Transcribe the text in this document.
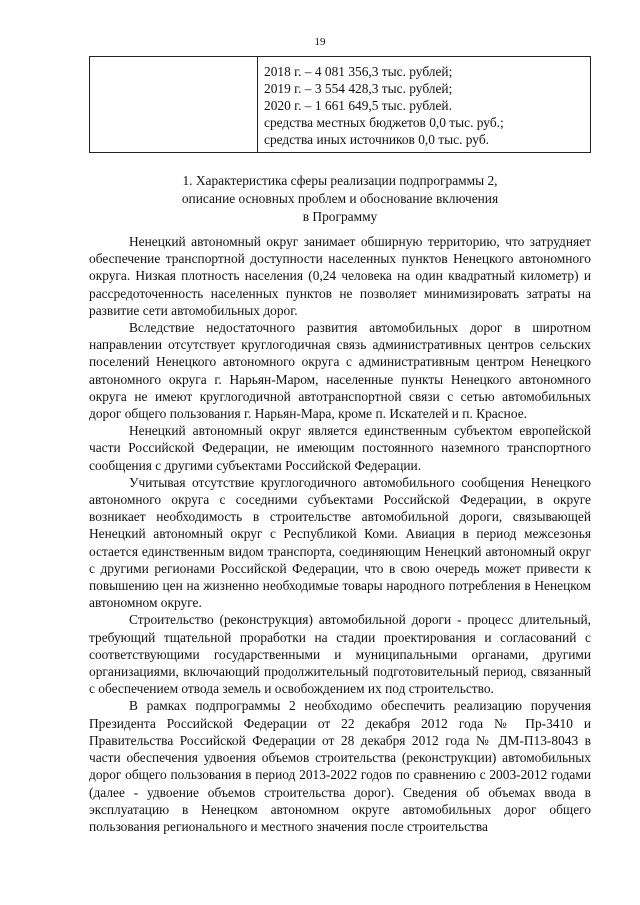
19

2018 г. – 4 081 356,3 тыс. рублей;
2019 г. – 3 554 428,3 тыс. рублей;
2020 г. – 1 661 649,5 тыс. рублей.
средства местных бюджетов 0,0 тыс. руб.;
средства иных источников 0,0 тыс. руб.
1. Характеристика сферы реализации подпрограммы 2,
описание основных проблем и обоснование включения
в Программу

Ненецкий автономный округ занимает обширную территорию, что затрудняет обеспечение транспортной доступности населенных пунктов Ненецкого автономного округа. Низкая плотность населения (0,24 человека на один квадратный километр) и рассредоточенность населенных пунктов не позволяет минимизировать затраты на развитие сети автомобильных дорог.

Вследствие недостаточного развития автомобильных дорог в широтном направлении отсутствует круглогодичная связь административных центров сельских поселений Ненецкого автономного округа с административным центром Ненецкого автономного округа г. Нарьян-Маром, населенные пункты Ненецкого автономного округа не имеют круглогодичной автотранспортной связи с сетью автомобильных дорог общего пользования г. Нарьян-Мара, кроме п. Искателей и п. Красное.

Ненецкий автономный округ является единственным субъектом европейской части Российской Федерации, не имеющим постоянного наземного транспортного сообщения с другими субъектами Российской Федерации.

Учитывая отсутствие круглогодичного автомобильного сообщения Ненецкого автономного округа с соседними субъектами Российской Федерации, в округе возникает необходимость в строительстве автомобильной дороги, связывающей Ненецкий автономный округ с Республикой Коми. Авиация в период межсезонья остается единственным видом транспорта, соединяющим Ненецкий автономный округ с другими регионами Российской Федерации, что в свою очередь может привести к повышению цен на жизненно необходимые товары народного потребления в Ненецком автономном округе.

Строительство (реконструкция) автомобильной дороги - процесс длительный, требующий тщательной проработки на стадии проектирования и согласований с соответствующими государственными и муниципальными органами, другими организациями, включающий продолжительный подготовительный период, связанный с обеспечением отвода земель и освобождением их под строительство.

В рамках подпрограммы 2 необходимо обеспечить реализацию поручения Президента Российской Федерации от 22 декабря 2012 года № Пр-3410 и Правительства Российской Федерации от 28 декабря 2012 года № ДМ-П13-8043 в части обеспечения удвоения объемов строительства (реконструкции) автомобильных дорог общего пользования в период 2013-2022 годов по сравнению с 2003-2012 годами (далее - удвоение объемов строительства дорог). Сведения об объемах ввода в эксплуатацию в Ненецком автономном округе автомобильных дорог общего пользования регионального и местного значения после строительства
